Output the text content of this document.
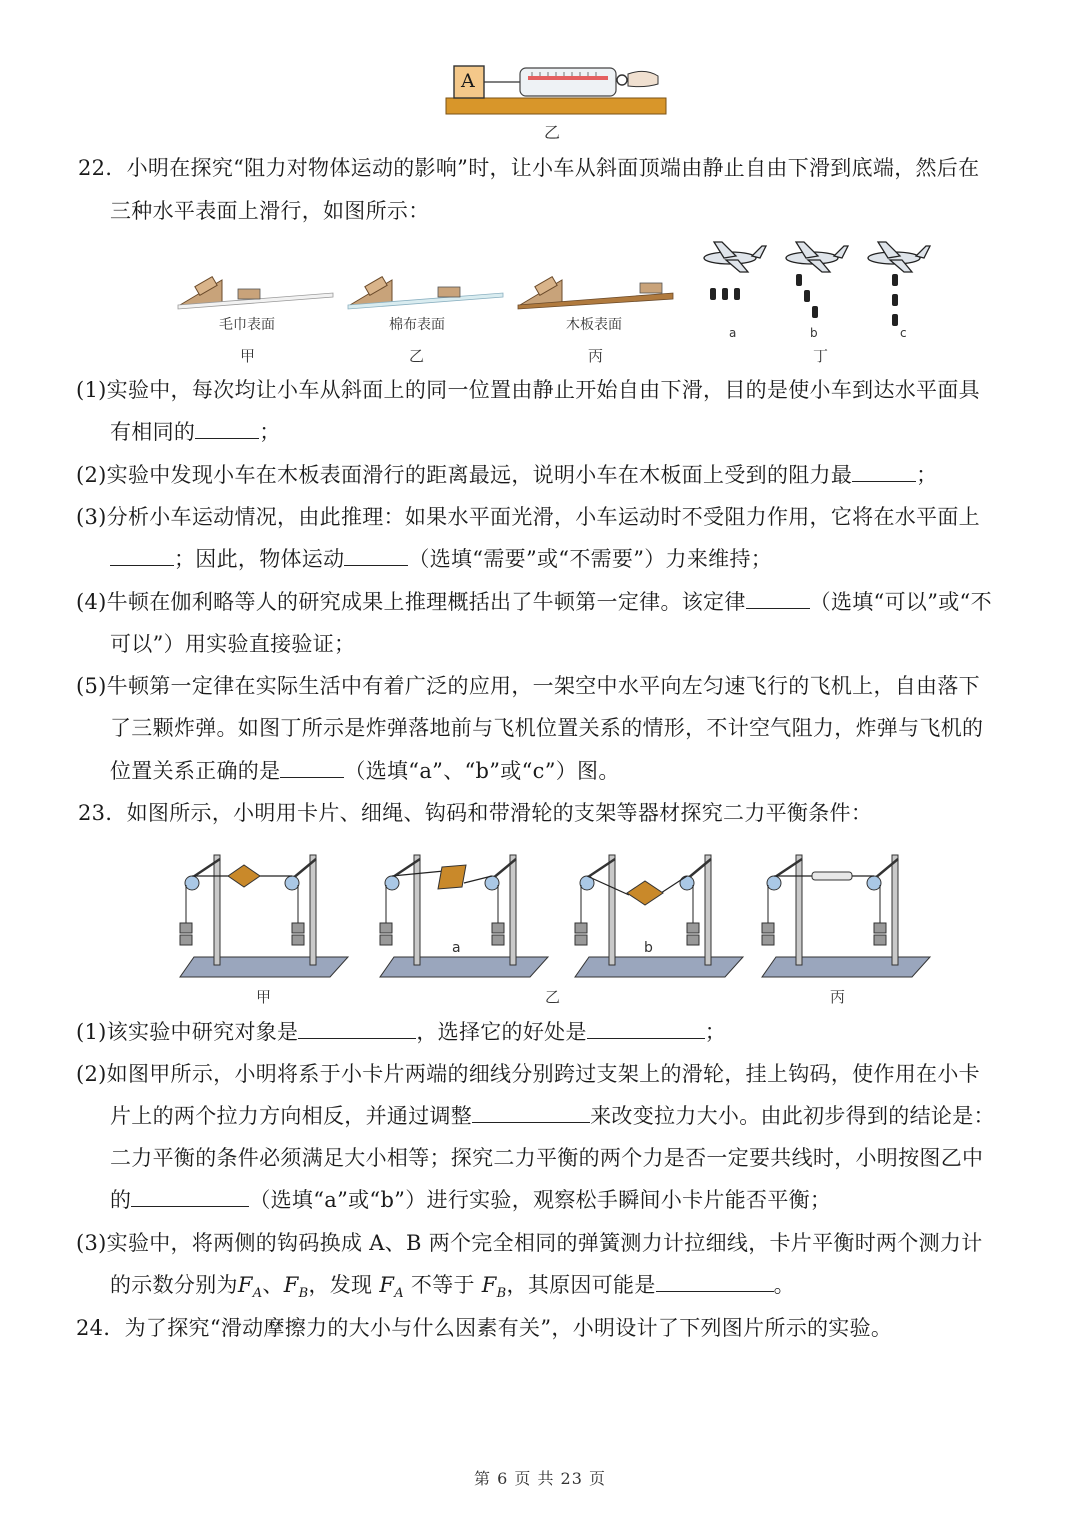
A
乙
22．小明在探究“阻力对物体运动的影响”时，让小车从斜面顶端由静止自由下滑到底端，然后在
三种水平表面上滑行，如图所示：
毛巾表面	棉布表面	木板表面
甲	乙	丙
a	b	c
丁
(1)实验中，每次均让小车从斜面上的同一位置由静止开始自由下滑，目的是使小车到达水平面具
有相同的	；
(2)实验中发现小车在木板表面滑行的距离最远，说明小车在木板面上受到的阻力最	；
(3)分析小车运动情况，由此推理：如果水平面光滑，小车运动时不受阻力作用，它将在水平面上
；因此，物体运动	（选填“需要”或“不需要”）力来维持；
(4)牛顿在伽利略等人的研究成果上推理概括出了牛顿第一定律。该定律	（选填“可以”或“不
可以”）用实验直接验证；
(5)牛顿第一定律在实际生活中有着广泛的应用，一架空中水平向左匀速飞行的飞机上，自由落下
了三颗炸弹。如图丁所示是炸弹落地前与飞机位置关系的情形，不计空气阻力，炸弹与飞机的
位置关系正确的是	（选填“a”、“b”或“c”）图。
23．如图所示，小明用卡片、细绳、钩码和带滑轮的支架等器材探究二力平衡条件：
a	b
甲	乙	丙
(1)该实验中研究对象是	，选择它的好处是	；
(2)如图甲所示，小明将系于小卡片两端的细线分别跨过支架上的滑轮，挂上钩码，使作用在小卡
片上的两个拉力方向相反，并通过调整	来改变拉力大小。由此初步得到的结论是：
二力平衡的条件必须满足大小相等；探究二力平衡的两个力是否一定要共线时，小明按图乙中
的	（选填“a”或“b”）进行实验，观察松手瞬间小卡片能否平衡；
(3)实验中，将两侧的钩码换成 A、B 两个完全相同的弹簧测力计拉细线，卡片平衡时两个测力计
的示数分别为$F_A$、$F_B$，发现 $F_A$ 不等于 $F_B$，其原因可能是	。
24．为了探究“滑动摩擦力的大小与什么因素有关”，小明设计了下列图片所示的实验。
第 6 页 共 23 页
